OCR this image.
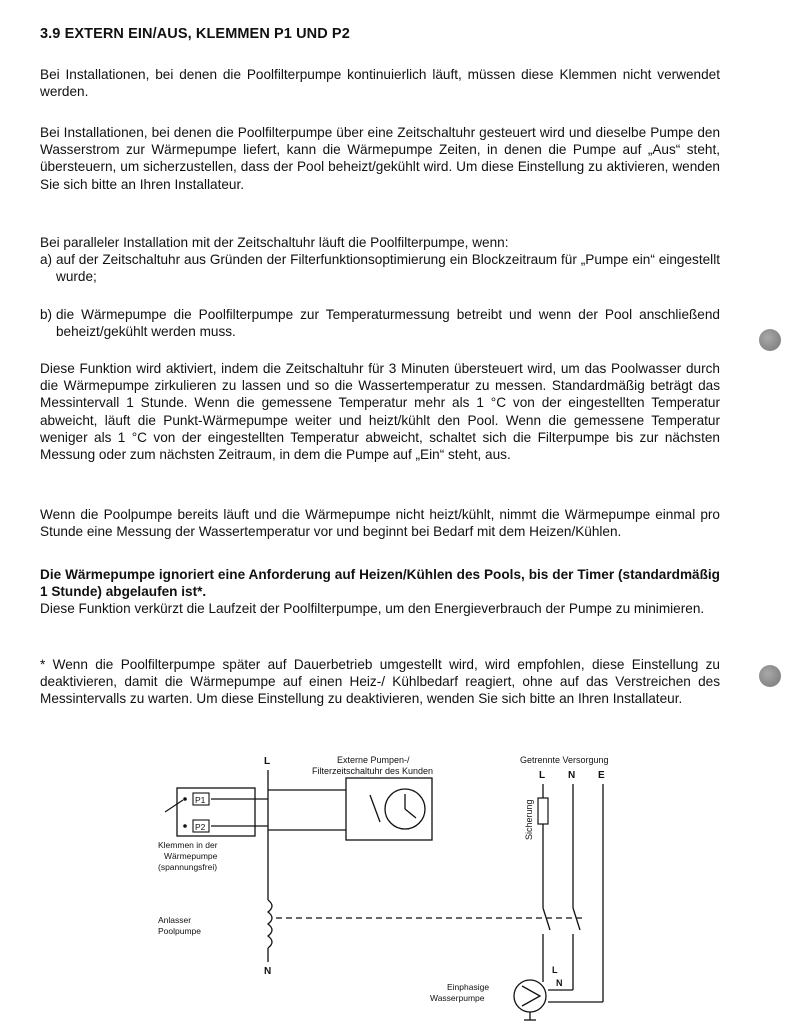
3.9 EXTERN EIN/AUS, KLEMMEN P1 UND P2

Bei Installationen, bei denen die Poolfilterpumpe kontinuierlich läuft, müssen diese Klemmen nicht verwendet werden.

Bei Installationen, bei denen die Poolfilterpumpe über eine Zeitschaltuhr gesteuert wird und dieselbe Pumpe den Wasserstrom zur Wärmepumpe liefert, kann die Wärmepumpe Zeiten, in denen die Pumpe auf „Aus“ steht, übersteuern, um sicherzustellen, dass der Pool beheizt/gekühlt wird. Um diese Einstellung zu aktivieren, wenden Sie sich bitte an Ihren Installateur.

Bei paralleler Installation mit der Zeitschaltuhr läuft die Poolfilterpumpe, wenn:
a) auf der Zeitschaltuhr aus Gründen der Filterfunktionsoptimierung ein Blockzeitraum für „Pumpe ein“ eingestellt wurde;
b) die Wärmepumpe die Poolfilterpumpe zur Temperaturmessung betreibt und wenn der Pool anschließend beheizt/gekühlt werden muss.

Diese Funktion wird aktiviert, indem die Zeitschaltuhr für 3 Minuten übersteuert wird, um das Poolwasser durch die Wärmepumpe zirkulieren zu lassen und so die Wassertemperatur zu messen. Standardmäßig beträgt das Messintervall 1 Stunde. Wenn die gemessene Temperatur mehr als 1 °C von der eingestellten Temperatur abweicht, läuft die Punkt-Wärmepumpe weiter und heizt/kühlt den Pool. Wenn die gemessene Temperatur weniger als 1 °C von der eingestellten Temperatur abweicht, schaltet sich die Filterpumpe bis zur nächsten Messung oder zum nächsten Zeitraum, in dem die Pumpe auf „Ein“ steht, aus.

Wenn die Poolpumpe bereits läuft und die Wärmepumpe nicht heizt/kühlt, nimmt die Wärmepumpe einmal pro Stunde eine Messung der Wassertemperatur vor und beginnt bei Bedarf mit dem Heizen/Kühlen.

Die Wärmepumpe ignoriert eine Anforderung auf Heizen/Kühlen des Pools, bis der Timer (standardmäßig 1 Stunde) abgelaufen ist*.
Diese Funktion verkürzt die Laufzeit der Poolfilterpumpe, um den Energieverbrauch der Pumpe zu minimieren.

* Wenn die Poolfilterpumpe später auf Dauerbetrieb umgestellt wird, wird empfohlen, diese Einstellung zu deaktivieren, damit die Wärmepumpe auf einen Heiz-/ Kühlbedarf reagiert, ohne auf das Verstreichen des Messintervalls zu warten. Um diese Einstellung zu deaktivieren, wenden Sie sich bitte an Ihren Installateur.

L	Externe Pumpen-/
Filterzeitschaltuhr des Kunden
Getrennte Versorgung
L N E
Sicherung
P1
P2
Klemmen in der
Wärmepumpe
(spannungsfrei)
Anlasser
Poolpumpe
N
Einphasige
Wasserpumpe
L
N
